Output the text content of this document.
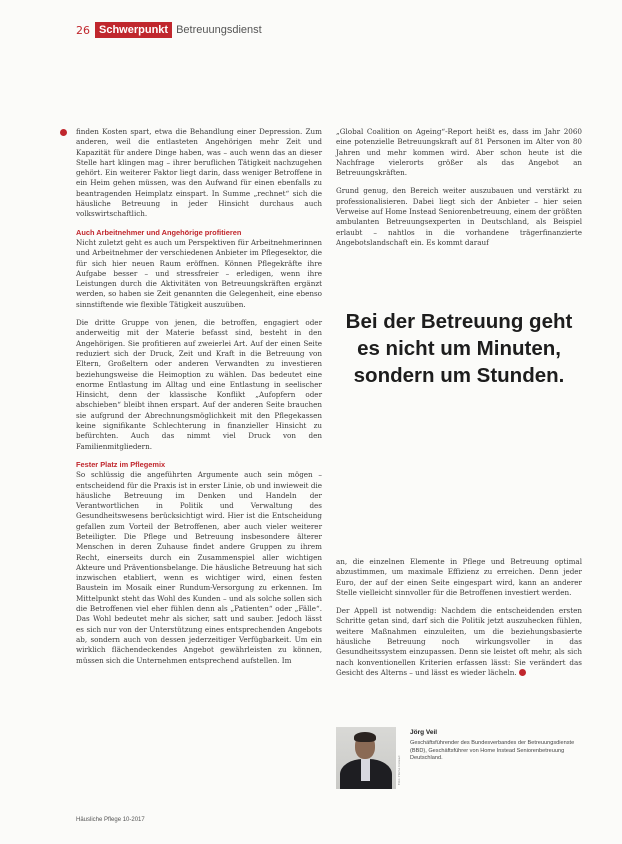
26 Schwerpunkt Betreuungsdienst

finden Kosten spart, etwa die Behandlung einer Depression. Zum anderen, weil die entlasteten Angehörigen mehr Zeit und Kapazität für andere Dinge haben, was – auch wenn das an dieser Stelle hart klingen mag – ihrer beruflichen Tätigkeit nachzugehen gehört. Ein weiterer Faktor liegt darin, dass weniger Betroffene in ein Heim gehen müssen, was den Aufwand für einen ebenfalls zu beantragenden Heimplatz einspart. In Summe „rechnet“ sich die häusliche Betreuung in jeder Hinsicht durchaus auch volkswirtschaftlich.

Auch Arbeitnehmer und Angehörige profitieren

Nicht zuletzt geht es auch um Perspektiven für Arbeitnehmerinnen und Arbeitnehmer der verschiedenen Anbieter im Pflegesektor, die für sich hier neuen Raum eröffnen. Können Pflegekräfte ihre Aufgabe besser – und stressfreier – erledigen, wenn ihre Leistungen durch die Aktivitäten von Betreuungskräften ergänzt werden, so haben sie Zeit genannten die Gelegenheit, eine ebenso sinnstiftende wie flexible Tätigkeit auszuüben.

Die dritte Gruppe von jenen, die betroffen, engagiert oder anderweitig mit der Materie befasst sind, besteht in den Angehörigen. Sie profitieren auf zweierlei Art. Auf der einen Seite reduziert sich der Druck, Zeit und Kraft in die Betreuung von Eltern, Großeltern oder anderen Verwandten zu investieren beziehungsweise die Heimoption zu wählen. Das bedeutet eine enorme Entlastung im Alltag und eine Entlastung in seelischer Hinsicht, denn der klassische Konflikt „Aufopfern oder abschieben“ bleibt ihnen erspart. Auf der anderen Seite brauchen sie aufgrund der Abrechnungsmöglichkeit mit den Pflegekassen keine signifikante Schlechterung in finanzieller Hinsicht zu befürchten. Auch das nimmt viel Druck von den Familienmitgliedern.

Fester Platz im Pflegemix

So schlüssig die angeführten Argumente auch sein mögen – entscheidend für die Praxis ist in erster Linie, ob und inwieweit die häusliche Betreuung im Denken und Handeln der Verantwortlichen in Politik und Verwaltung des Gesundheitswesens berücksichtigt wird. Hier ist die Entscheidung gefallen zum Vorteil der Betroffenen, aber auch vieler weiterer Beteiligter. Die Pflege und Betreuung insbesondere älterer Menschen in deren Zuhause findet andere Gruppen zu ihrem Recht, einerseits durch ein Zusammenspiel aller wichtigen Akteure und Präventionsbelange. Die häusliche Betreuung hat sich inzwischen etabliert, wenn es wichtiger wird, einen festen Baustein im Mosaik einer Rundum-Versorgung zu erkennen. Im Mittelpunkt steht das Wohl des Kunden – und als solche sollen sich die Betroffenen viel eher fühlen denn als „Patienten“ oder „Fälle“. Das Wohl bedeutet mehr als sicher, satt und sauber. Jedoch lässt es sich nur von der Unterstützung eines entsprechenden Angebots ab, sondern auch von dessen jederzeitiger Verfügbarkeit. Um ein wirklich flächendeckendes Angebot gewährleisten zu können, müssen sich die Unternehmen entsprechend aufstellen. Im

„Global Coalition on Ageing“-Report heißt es, dass im Jahr 2060 eine potenzielle Betreuungskraft auf 81 Personen im Alter von 80 Jahren und mehr kommen wird. Aber schon heute ist die Nachfrage vielerorts größer als das Angebot an Betreuungskräften.

Grund genug, den Bereich weiter auszubauen und verstärkt zu professionalisieren. Dabei liegt sich der Anbieter – hier seien Verweise auf Home Instead Seniorenbetreuung, einem der größten ambulanten Betreuungsexperten in Deutschland, als Beispiel erlaubt – nahtlos in die vorhandene trägerfinanzierte Angebotslandschaft ein. Es kommt darauf

Bei der Betreuung geht es nicht um Minuten, sondern um Stunden.

an, die einzelnen Elemente in Pflege und Betreuung optimal abzustimmen, um maximale Effizienz zu erreichen. Denn jeder Euro, der auf der einen Seite eingespart wird, kann an anderer Stelle vielleicht sinnvoller für die Betroffenen investiert werden.

Der Appell ist notwendig: Nachdem die entscheidenden ersten Schritte getan sind, darf sich die Politik jetzt auszuhecken fühlen, weitere Maßnahmen einzuleiten, um die beziehungsbasierte häusliche Betreuung noch wirkungsvoller in das Gesundheitssystem einzupassen. Denn sie leistet oft mehr, als sich nach konventionellen Kriterien erfassen lässt: Sie verändert das Gesicht des Alterns – und lässt es wieder lächeln.

Foto: Home Instead
Jörg Veil
Geschäftsführender des Bundesverbandes der Betreuungsdienste (BBD), Geschäftsführer von Home Instead Seniorenbetreuung Deutschland.
Häusliche Pflege 10-2017
